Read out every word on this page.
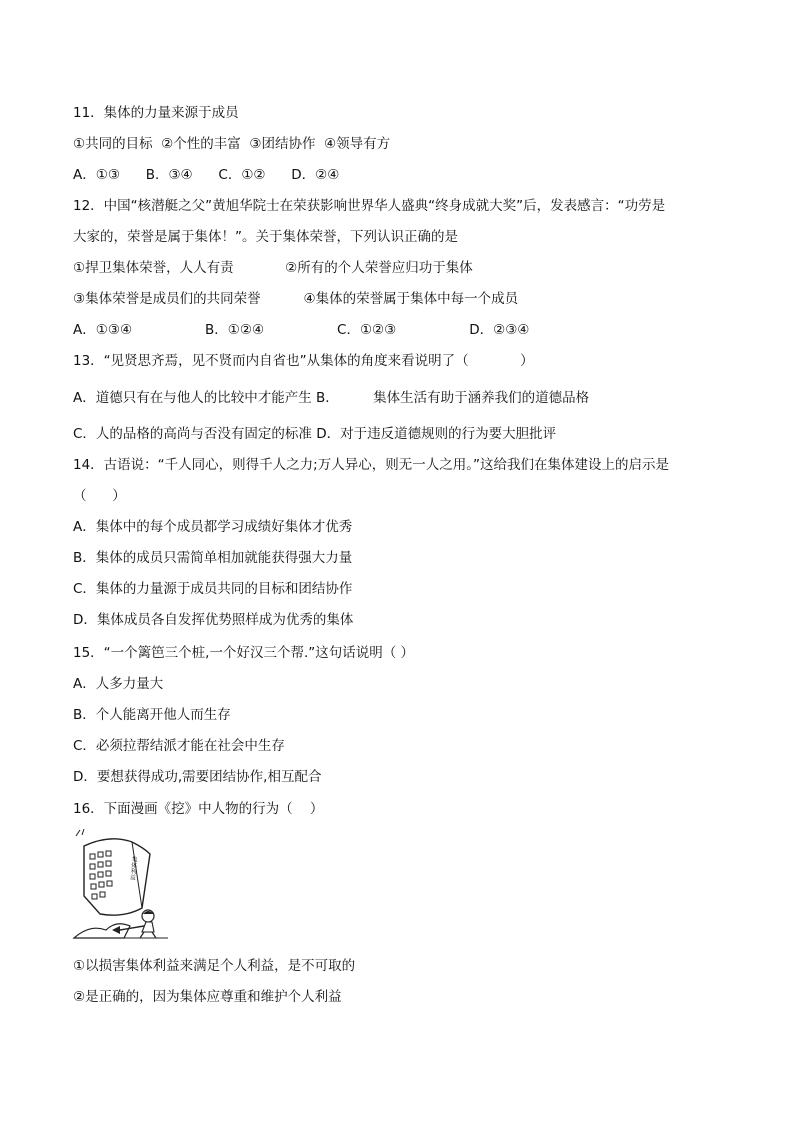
11．集体的力量来源于成员
①共同的目标  ②个性的丰富  ③团结协作  ④领导有方
A．①③      B．③④      C．①②      D．②④
12．中国“核潜艇之父”黄旭华院士在荣获影响世界华人盛典“终身成就大奖”后，发表感言：“功劳是
大家的，荣誉是属于集体！”。关于集体荣誉，下列认识正确的是
①捍卫集体荣誉，人人有责            ②所有的个人荣誉应归功于集体
③集体荣誉是成员们的共同荣誉          ④集体的荣誉属于集体中每一个成员
A．①③④                 B．①②④                 C．①②③                 D．②③④
13．“见贤思齐焉，见不贤而内自省也”从集体的角度来看说明了（            ）
A．道德只有在与他人的比较中才能产生 B．        集体生活有助于涵养我们的道德品格
C．人的品格的高尚与否没有固定的标准 D．对于违反道德规则的行为要大胆批评
14．古语说：“千人同心，则得千人之力;万人异心，则无一人之用。”这给我们在集体建设上的启示是
（      ）
A．集体中的每个成员都学习成绩好集体才优秀
B．集体的成员只需简单相加就能获得强大力量
C．集体的力量源于成员共同的目标和团结协作
D．集体成员各自发挥优势照样成为优秀的集体
15．“一个篱笆三个桩,一个好汉三个帮.”这句话说明（ ）
A．人多力量大
B．个人能离开他人而生存
C．必须拉帮结派才能在社会中生存
D．要想获得成功,需要团结协作,相互配合
16．下面漫画《挖》中人物的行为（    ）
集体利益
①以损害集体利益来满足个人利益，是不可取的
②是正确的，因为集体应尊重和维护个人利益
